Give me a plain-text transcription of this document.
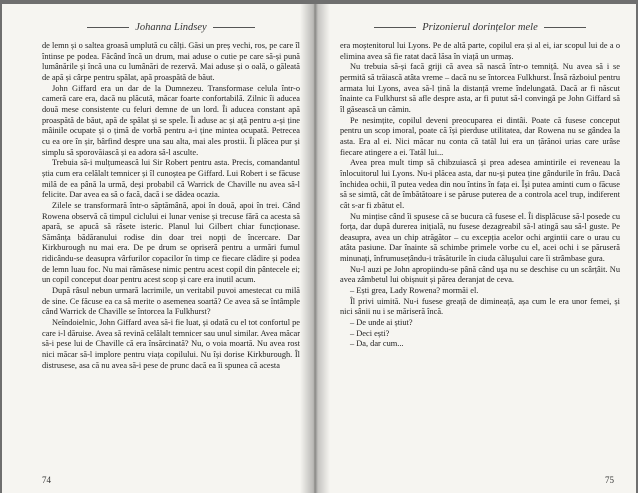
Johanna Lindsey

de lemn și o saltea groasă umplută cu câlți. Găsi un preș vechi, ros, pe care îl întinse pe podea. Făcând încă un drum, mai aduse o cutie pe care să-și pună lumânările și încă una cu lumânări de rezervă. Mai aduse și o oală, o găleată de apă și cârpe pentru spălat, apă proaspătă de băut.

John Giffard era un dar de la Dumnezeu. Transformase celula într-o cameră care era, dacă nu plăcută, măcar foarte confortabilă. Zilnic îi aducea două mese consistente cu feluri demne de un lord. Îi aducea constant apă proaspătă de băut, apă de spălat și se spele. Îi aduse ac și ață pentru a-și ține mâinile ocupate și o țimă de vorbă pentru a-i ține mintea ocupată. Petrecea cu ea ore în șir, bârfind despre una sau alta, mai ales prostii. Îi plăcea pur și simplu să sporovăiască și ea adora să-l asculte.

Trebuia să-i mulțumească lui Sir Robert pentru asta. Precis, comandantul știa cum era celălalt temnicer și îl cunoștea pe Giffard. Lui Robert i se făcuse milă de ea până la urmă, deși probabil că Warrick de Chaville nu avea să-l felicite. Dar avea ea să o facă, dacă i se dădea ocazia.

Zilele se transformară într-o săptămână, apoi în două, apoi în trei. Când Rowena observă că timpul ciclului ei lunar venise și trecuse fără ca acesta să apară, se apucă să râsete isteric. Planul lui Gilbert chiar funcționase. Sămânța bădăranului rodise din doar trei nopți de încercare. Dar Kirkburough nu mai era. De pe drum se opriseră pentru a urmări fumul ridicându-se deasupra vârfurilor copacilor în timp ce fiecare clădire și podea de lemn luau foc. Nu mai rămăsese nimic pentru acest copil din pântecele ei; un copil conceput doar pentru acest scop și care era inutil acum.

După râsul nebun urmară lacrimile, un veritabil puvoi amestecat cu milă de sine. Ce făcuse ea ca să merite o asemenea soartă? Ce avea să se întâmple când Warrick de Chaville se întorcea la Fulkhurst?

Neîndoielnic, John Giffard avea să-i fie luat, și odată cu el tot confortul pe care i-l dăruise. Avea să revină celălalt temnicer sau unul similar. Avea măcar să-i pese lui de Chaville că era însărcinată? Nu, o voia moartă. Nu avea rost nici măcar să-l implore pentru viața copilului. Nu își dorise Kirkburough. Îl distrusese, asa că nu avea să-i pese de prunc dacă ea îi spunea că acesta

74
Prizonierul dorințelor mele

era moștenitorul lui Lyons. Pe de altă parte, copilul era și al ei, iar scopul lui de a o elimina avea să fie ratat dacă lăsa în viață un urmaș.

Nu trebuia să-și facă griji că avea să nască într-o temniță. Nu avea să i se permită să trăiască atâta vreme – dacă nu se întorcea Fulkhurst. Însă războiul pentru armata lui Lyons, avea să-l țină la distanță vreme îndelungată. Dacă ar fi născut înainte ca Fulkhurst să afle despre asta, ar fi putut să-l convingă pe John Giffard să îl găsească un cămin.

Pe nesimțite, copilul deveni preocuparea ei dintâi. Poate că fusese conceput pentru un scop imoral, poate că își pierduse utilitatea, dar Rowena nu se gândea la asta. Era al ei. Nici măcar nu conta că tatăl lui era un țărănoi urias care urâse fiecare atingere a ei. Tatăl lui...

Avea prea mult timp să chibzuiască și prea adesea amintirile ei reveneau la înlocuitorul lui Lyons. Nu-i plăcea asta, dar nu-și putea ține gândurile în frâu. Dacă închidea ochii, îl putea vedea din nou întins în fața ei. Își putea aminti cum o făcuse să se simtă, cât de îmbătătoare i se păruse puterea de a controla acel trup, indiferent cât s-ar fi zbătut el.

Nu mințise când îi spusese că se bucura că fusese el. Îi displăcuse să-l posede cu forța, dar după durerea inițială, nu fusese dezagreabil să-l atingă sau să-l guste. Pe deasupra, avea un chip atrăgător – cu excepția acelor ochi argintii care o urau cu atâta pasiune. Dar înainte să schimbe primele vorbe cu el, acei ochi i se păruseră minunați, înfrumusețându-i trăsăturile în ciuda căluşului care îi strâmbase gura.

Nu-l auzi pe John apropiindu-se până când uşa nu se deschise cu un scârțâit. Nu avea zâmbetul lui obișnuit și părea deranjat de ceva.

– Ești grea, Lady Rowena? mormăi el.

Îl privi uimită. Nu-i fusese greață de dimineață, așa cum le era unor femei, și nici sânii nu i se măriseră încă.

– De unde ai știut?

– Deci ești?

– Da, dar cum...

75
